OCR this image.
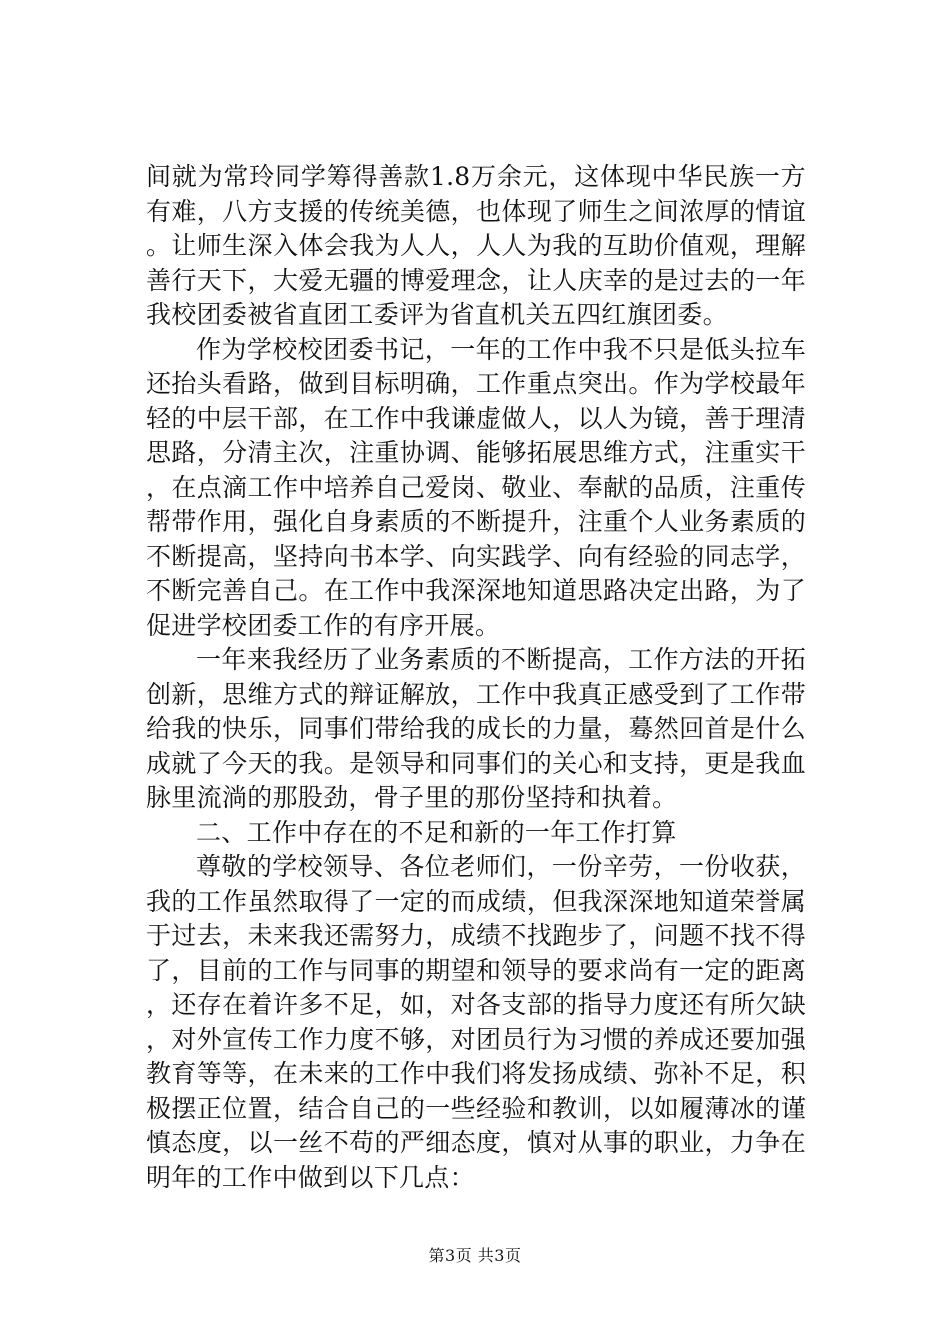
间就为常玲同学筹得善款1.8万余元，这体现中华民族一方有难，八方支援的传统美德，也体现了师生之间浓厚的情谊。让师生深入体会我为人人，人人为我的互助价值观，理解善行天下，大爱无疆的博爱理念，让人庆幸的是过去的一年我校团委被省直团工委评为省直机关五四红旗团委。

作为学校校团委书记，一年的工作中我不只是低头拉车还抬头看路，做到目标明确，工作重点突出。作为学校最年轻的中层干部，在工作中我谦虚做人，以人为镜，善于理清思路，分清主次，注重协调、能够拓展思维方式，注重实干，在点滴工作中培养自己爱岗、敬业、奉献的品质，注重传帮带作用，强化自身素质的不断提升，注重个人业务素质的不断提高，坚持向书本学、向实践学、向有经验的同志学，不断完善自己。在工作中我深深地知道思路决定出路，为了促进学校团委工作的有序开展。

一年来我经历了业务素质的不断提高，工作方法的开拓创新，思维方式的辩证解放，工作中我真正感受到了工作带给我的快乐，同事们带给我的成长的力量，蓦然回首是什么成就了今天的我。是领导和同事们的关心和支持，更是我血脉里流淌的那股劲，骨子里的那份坚持和执着。

二、工作中存在的不足和新的一年工作打算

尊敬的学校领导、各位老师们，一份辛劳，一份收获，我的工作虽然取得了一定的而成绩，但我深深地知道荣誉属于过去，未来我还需努力，成绩不找跑步了，问题不找不得了，目前的工作与同事的期望和领导的要求尚有一定的距离，还存在着许多不足，如，对各支部的指导力度还有所欠缺，对外宣传工作力度不够，对团员行为习惯的养成还要加强教育等等，在未来的工作中我们将发扬成绩、弥补不足，积极摆正位置，结合自己的一些经验和教训，以如履薄冰的谨慎态度，以一丝不苟的严细态度，慎对从事的职业，力争在明年的工作中做到以下几点：

第3页 共3页
